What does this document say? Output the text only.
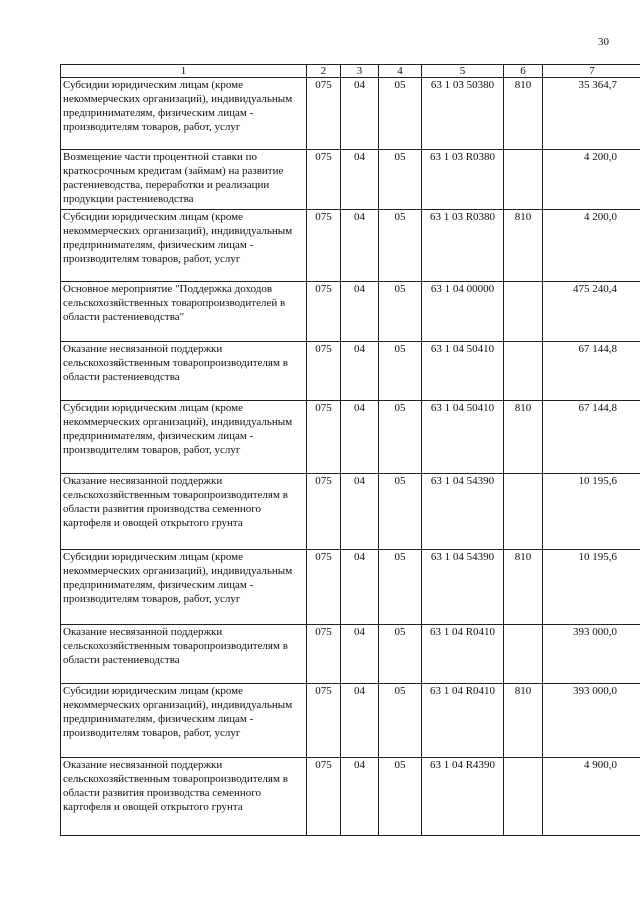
30
1	2	3	4	5	6	7
Субсидии юридическим лицам (кроме некоммерческих организаций), индивидуальным предпринимателям, физическим лицам - производителям товаров, работ, услуг	075	04	05	63 1 03 50380	810	35 364,7
Возмещение части процентной ставки по краткосрочным кредитам (займам) на развитие растениеводства, переработки и реализации продукции растениеводства	075	04	05	63 1 03 R0380		4 200,0
Субсидии юридическим лицам (кроме некоммерческих организаций), индивидуальным предпринимателям, физическим лицам - производителям товаров, работ, услуг	075	04	05	63 1 03 R0380	810	4 200,0
Основное мероприятие "Поддержка доходов сельскохозяйственных товаропроизводителей в области растениеводства"	075	04	05	63 1 04 00000		475 240,4
Оказание несвязанной поддержки сельскохозяйственным товаропроизводителям в области растениеводства	075	04	05	63 1 04 50410		67 144,8
Субсидии юридическим лицам (кроме некоммерческих организаций), индивидуальным предпринимателям, физическим лицам - производителям товаров, работ, услуг	075	04	05	63 1 04 50410	810	67 144,8
Оказание несвязанной поддержки сельскохозяйственным товаропроизводителям в области развития производства семенного картофеля и овощей открытого грунта	075	04	05	63 1 04 54390		10 195,6
Субсидии юридическим лицам (кроме некоммерческих организаций), индивидуальным предпринимателям, физическим лицам - производителям товаров, работ, услуг	075	04	05	63 1 04 54390	810	10 195,6
Оказание несвязанной поддержки сельскохозяйственным товаропроизводителям в области растениеводства	075	04	05	63 1 04 R0410		393 000,0
Субсидии юридическим лицам (кроме некоммерческих организаций), индивидуальным предпринимателям, физическим лицам - производителям товаров, работ, услуг	075	04	05	63 1 04 R0410	810	393 000,0
Оказание несвязанной поддержки сельскохозяйственным товаропроизводителям в области развития производства семенного картофеля и овощей открытого грунта	075	04	05	63 1 04 R4390		4 900,0
